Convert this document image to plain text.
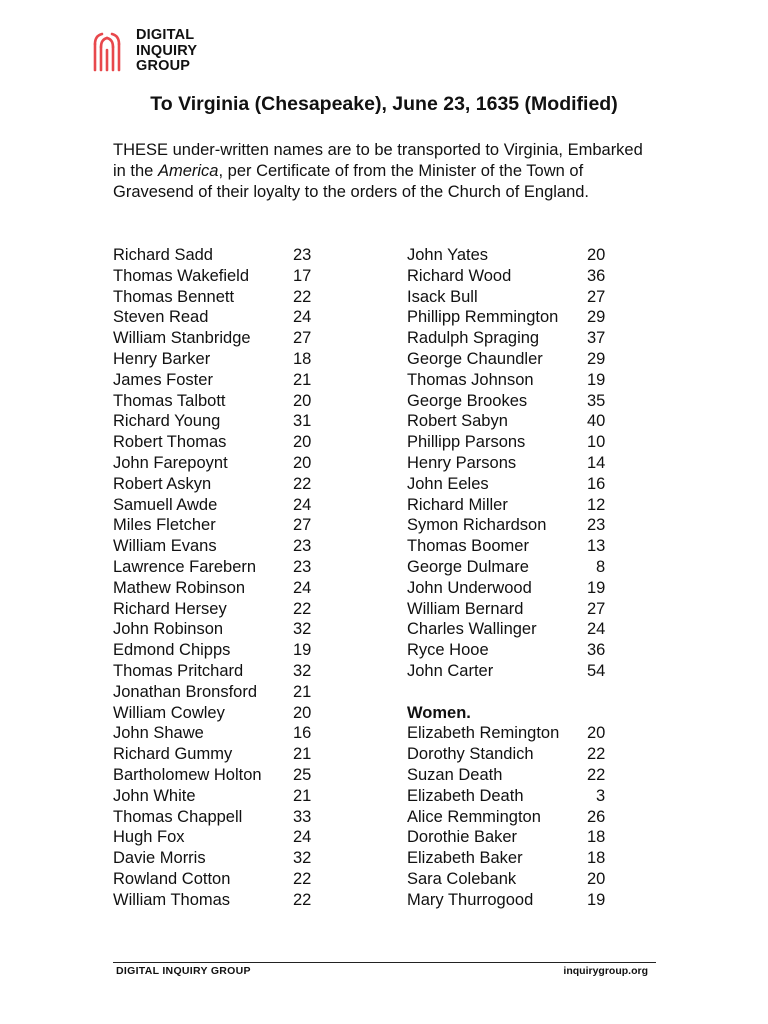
DIGITAL
INQUIRY
GROUP
To Virginia (Chesapeake), June 23, 1635 (Modified)

THESE under-written names are to be transported to Virginia, Embarked in the America, per Certificate of from the Minister of the Town of Gravesend of their loyalty to the orders of the Church of England.

Richard Sadd	23
Thomas Wakefield	17
Thomas Bennett	22
Steven Read	24
William Stanbridge	27
Henry Barker	18
James Foster	21
Thomas Talbott	20
Richard Young	31
Robert Thomas	20
John Farepoynt	20
Robert Askyn	22
Samuell Awde	24
Miles Fletcher	27
William Evans	23
Lawrence Farebern 23
Mathew Robinson	24
Richard Hersey	22
John Robinson	32
Edmond Chipps	19
Thomas Pritchard	32
Jonathan Bronsford 21
William Cowley	20
John Shawe	16
Richard Gummy	21
Bartholomew Holton 25
John White	21
Thomas Chappell	33
Hugh Fox	24
Davie Morris	32
Rowland Cotton	22
William Thomas	22
John Yates	20
Richard Wood	36
Isack Bull	27
Phillipp Remmington 29
Radulph Spraging	37
George Chaundler	29
Thomas Johnson	19
George Brookes	35
Robert Sabyn	40
Phillipp Parsons	10
Henry Parsons	14
John Eeles	16
Richard Miller	12
Symon Richardson 23
Thomas Boomer	13
George Dulmare	8
John Underwood	19
William Bernard	27
Charles Wallinger	24
Ryce Hooe	36
John Carter	54
Women.
Elizabeth Remington 20
Dorothy Standich	22
Suzan Death	22
Elizabeth Death	3
Alice Remmington	26
Dorothie Baker	18
Elizabeth Baker	18
Sara Colebank	20
Mary Thurrogood	19
DIGITAL INQUIRY GROUP	inquirygroup.org
